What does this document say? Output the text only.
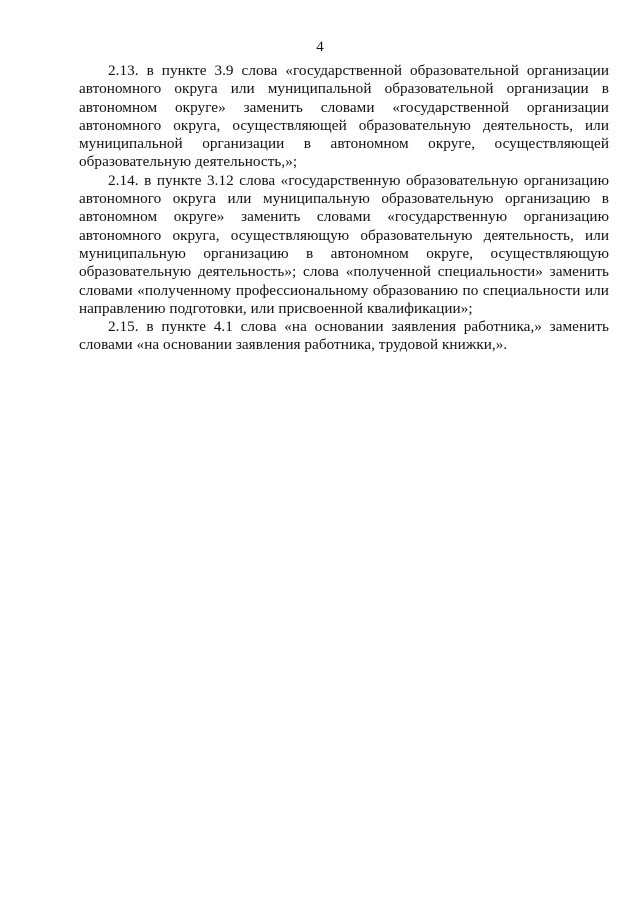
4
2.13. в пункте 3.9 слова «государственной образовательной организации
автономного округа или муниципальной образовательной организации в
автономном округе» заменить словами «государственной организации
автономного округа, осуществляющей образовательную деятельность, или
муниципальной организации в автономном округе, осуществляющей
образовательную деятельность,»;
2.14. в пункте 3.12 слова «государственную образовательную организацию
автономного округа или муниципальную образовательную организацию в
автономном округе» заменить словами «государственную организацию
автономного округа, осуществляющую образовательную деятельность, или
муниципальную организацию в автономном округе, осуществляющую
образовательную деятельность»; слова «полученной специальности» заменить
словами «полученному профессиональному образованию по специальности или
направлению подготовки, или присвоенной квалификации»;
2.15. в пункте 4.1 слова «на основании заявления работника,» заменить
словами «на основании заявления работника, трудовой книжки,».
